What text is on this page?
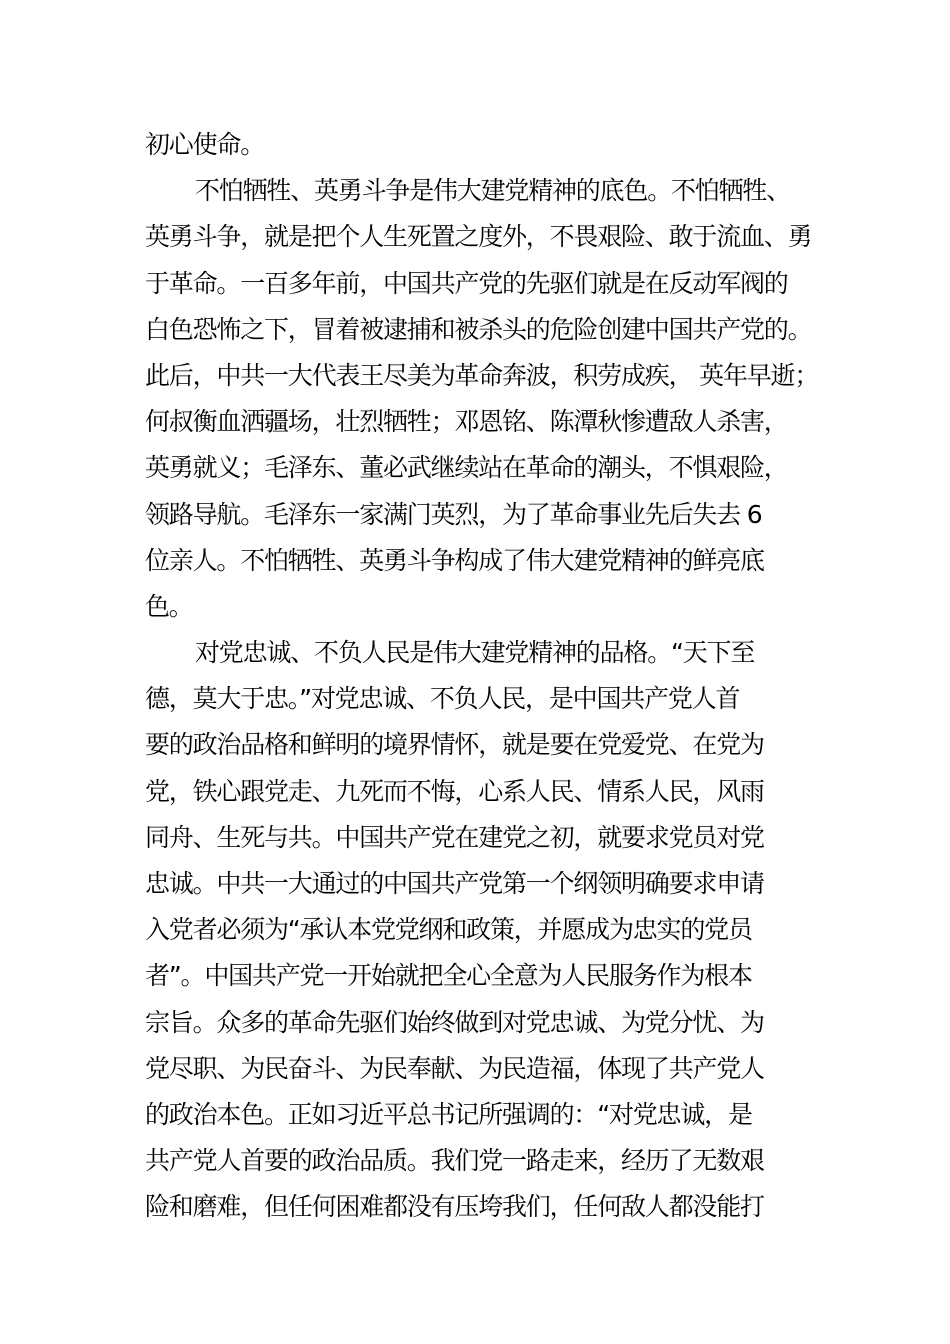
初心使命。
不怕牺牲、英勇斗争是伟大建党精神的底色。不怕牺牲、
英勇斗争，就是把个人生死置之度外，不畏艰险、敢于流血、勇
于革命。一百多年前，中国共产党的先驱们就是在反动军阀的
白色恐怖之下，冒着被逮捕和被杀头的危险创建中国共产党的。
此后，中共一大代表王尽美为革命奔波，积劳成疾， 英年早逝；
何叔衡血洒疆场，壮烈牺牲；邓恩铭、陈潭秋惨遭敌人杀害，
英勇就义；毛泽东、董必武继续站在革命的潮头，不惧艰险，
领路导航。毛泽东一家满门英烈，为了革命事业先后失去 6
位亲人。不怕牺牲、英勇斗争构成了伟大建党精神的鲜亮底
色。
对党忠诚、不负人民是伟大建党精神的品格。“天下至
德，莫大于忠。”对党忠诚、不负人民，是中国共产党人首
要的政治品格和鲜明的境界情怀，就是要在党爱党、在党为
党，铁心跟党走、九死而不悔，心系人民、情系人民，风雨
同舟、生死与共。中国共产党在建党之初，就要求党员对党
忠诚。中共一大通过的中国共产党第一个纲领明确要求申请
入党者必须为“承认本党党纲和政策，并愿成为忠实的党员
者”。中国共产党一开始就把全心全意为人民服务作为根本
宗旨。众多的革命先驱们始终做到对党忠诚、为党分忧、为
党尽职、为民奋斗、为民奉献、为民造福，体现了共产党人
的政治本色。正如习近平总书记所强调的：“对党忠诚，是
共产党人首要的政治品质。我们党一路走来，经历了无数艰
险和磨难，但任何困难都没有压垮我们，任何敌人都没能打
